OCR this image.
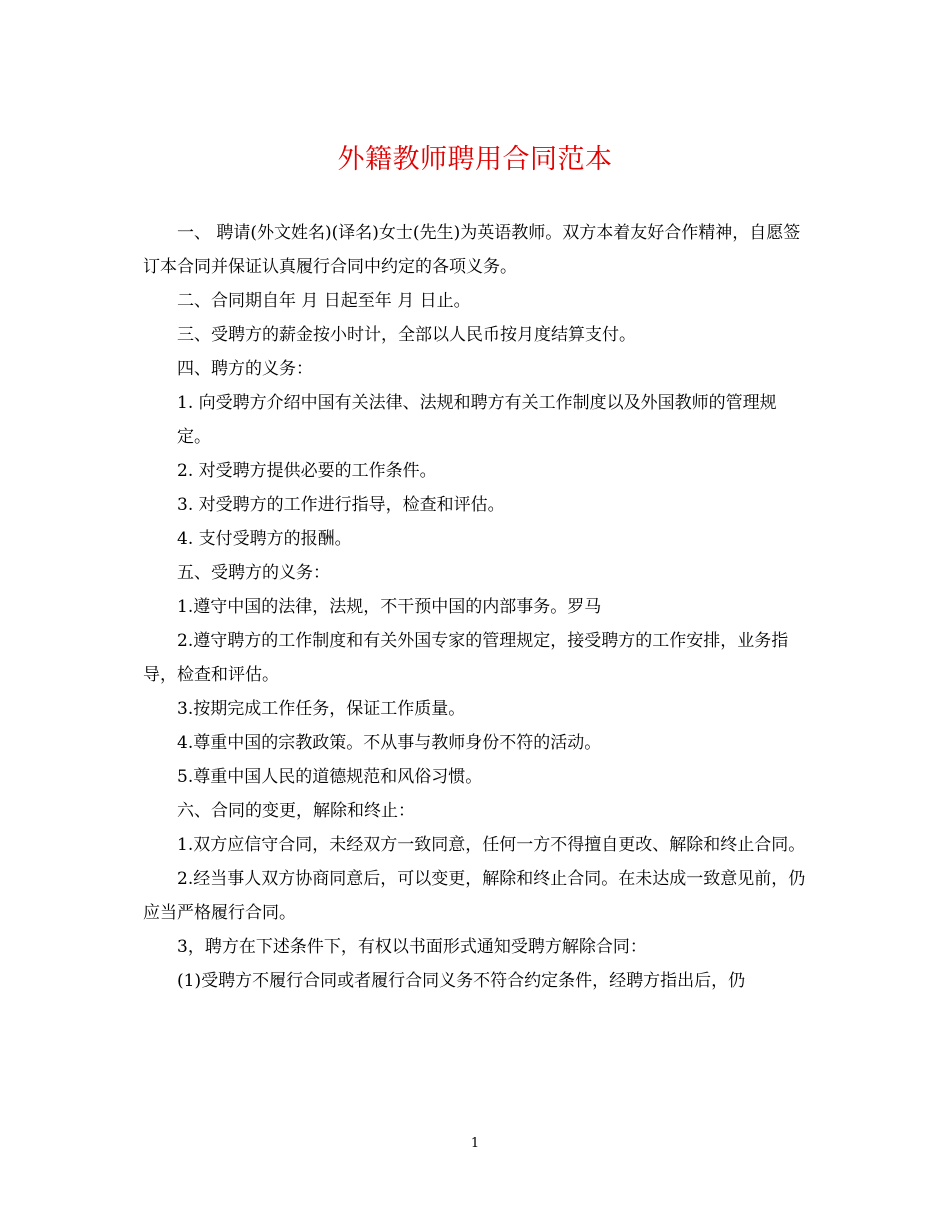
外籍教师聘用合同范本

一、 聘请(外文姓名)(译名)女士(先生)为英语教师。双方本着友好合作精神，自愿签订本合同并保证认真履行合同中约定的各项义务。

二、合同期自年 月 日起至年 月 日止。

三、受聘方的薪金按小时计，全部以人民币按月度结算支付。

四、聘方的义务：

1. 向受聘方介绍中国有关法律、法规和聘方有关工作制度以及外国教师的管理规定。

2. 对受聘方提供必要的工作条件。

3. 对受聘方的工作进行指导，检查和评估。

4. 支付受聘方的报酬。

五、受聘方的义务：

1.遵守中国的法律，法规，不干预中国的内部事务。罗马

2.遵守聘方的工作制度和有关外国专家的管理规定，接受聘方的工作安排，业务指导，检查和评估。

3.按期完成工作任务，保证工作质量。

4.尊重中国的宗教政策。不从事与教师身份不符的活动。

5.尊重中国人民的道德规范和风俗习惯。

六、合同的变更，解除和终止：

1.双方应信守合同，未经双方一致同意，任何一方不得擅自更改、解除和终止合同。

2.经当事人双方协商同意后，可以变更，解除和终止合同。在未达成一致意见前，仍应当严格履行合同。

3，聘方在下述条件下，有权以书面形式通知受聘方解除合同：

(1)受聘方不履行合同或者履行合同义务不符合约定条件，经聘方指出后，仍

1
